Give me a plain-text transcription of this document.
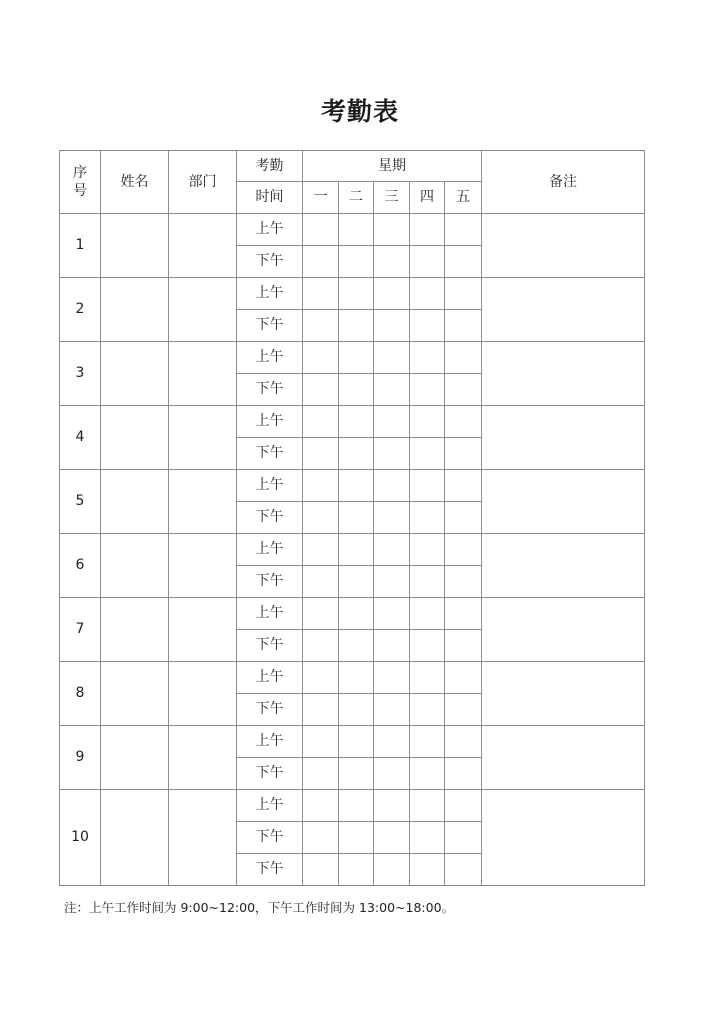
考勤表
序号	姓名	部门	考勤	星期					备注
			时间	一	二	三	四	五	
1			上午						
			下午						
2			上午						
			下午						
3			上午						
			下午						
4			上午						
			下午						
5			上午						
			下午						
6			上午						
			下午						
7			上午						
			下午						
8			上午						
			下午						
9			上午						
			下午						
10			上午						
			下午						
			下午						
注：上午工作时间为 9:00~12:00，下午工作时间为 13:00~18:00。
